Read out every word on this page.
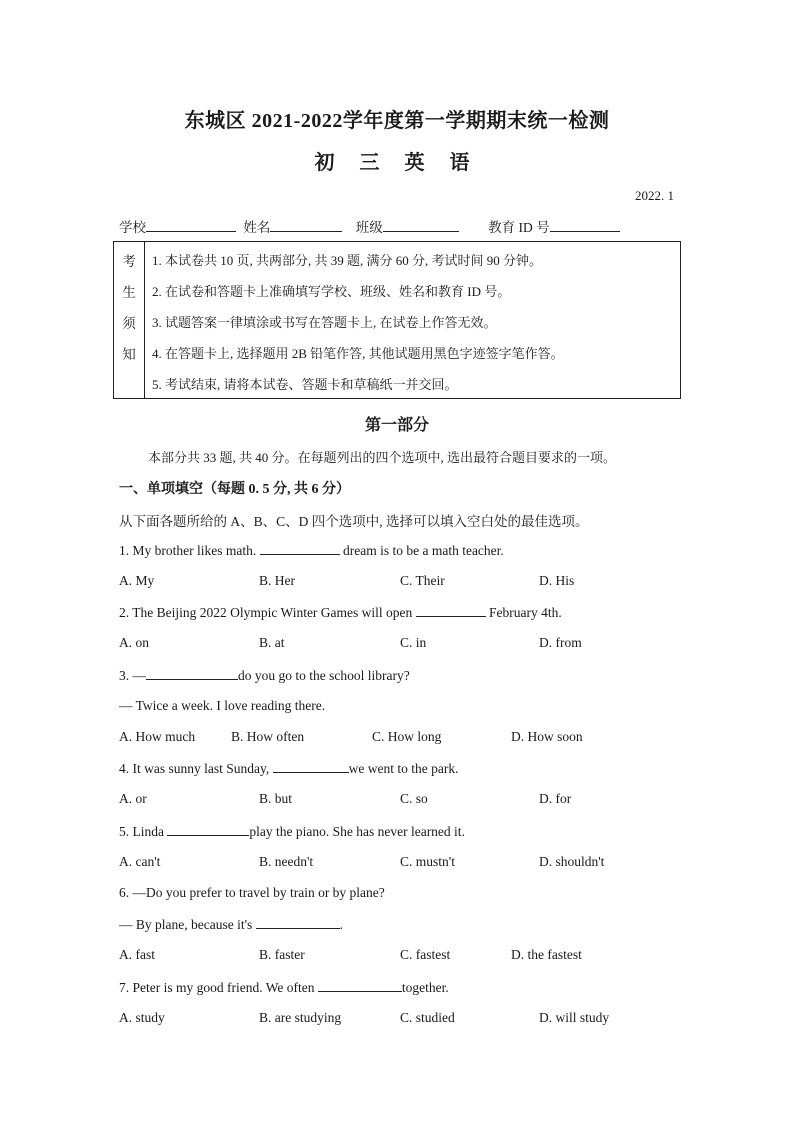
东城区 2021-2022学年度第一学期期末统一检测
初 三 英 语
2022. 1
学校	姓名	班级	教育 ID 号
考
生
须
知
1. 本试卷共 10 页, 共两部分, 共 39 题, 满分 60 分, 考试时间 90 分钟。
2. 在试卷和答题卡上准确填写学校、班级、姓名和教育 ID 号。
3. 试题答案一律填涂或书写在答题卡上, 在试卷上作答无效。
4. 在答题卡上, 选择题用 2B 铅笔作答, 其他试题用黑色字迹签字笔作答。
5. 考试结束, 请将本试卷、答题卡和草稿纸一并交回。
第一部分
本部分共 33 题, 共 40 分。在每题列出的四个选项中, 选出最符合题目要求的一项。
一、单项填空（每题 0. 5 分, 共 6 分）
从下面各题所给的 A、B、C、D 四个选项中, 选择可以填入空白处的最佳选项。
1. My brother likes math.	dream is to be a math teacher.
A. My	B. Her	C. Their	D. His
2. The Beijing 2022 Olympic Winter Games will open	February 4th.
A. on	B. at	C. in	D. from
3. —	do you go to the school library?
— Twice a week. I love reading there.
A. How much	B. How often	C. How long	D. How soon
4. It was sunny last Sunday,	we went to the park.
A. or	B. but	C. so	D. for
5. Linda	play the piano. She has never learned it.
A. can't	B. needn't	C. mustn't	D. shouldn't
6. —Do you prefer to travel by train or by plane?
— By plane, because it's	.
A. fast	B. faster	C. fastest	D. the fastest
7. Peter is my good friend. We often	together.
A. study	B. are studying	C. studied	D. will study
